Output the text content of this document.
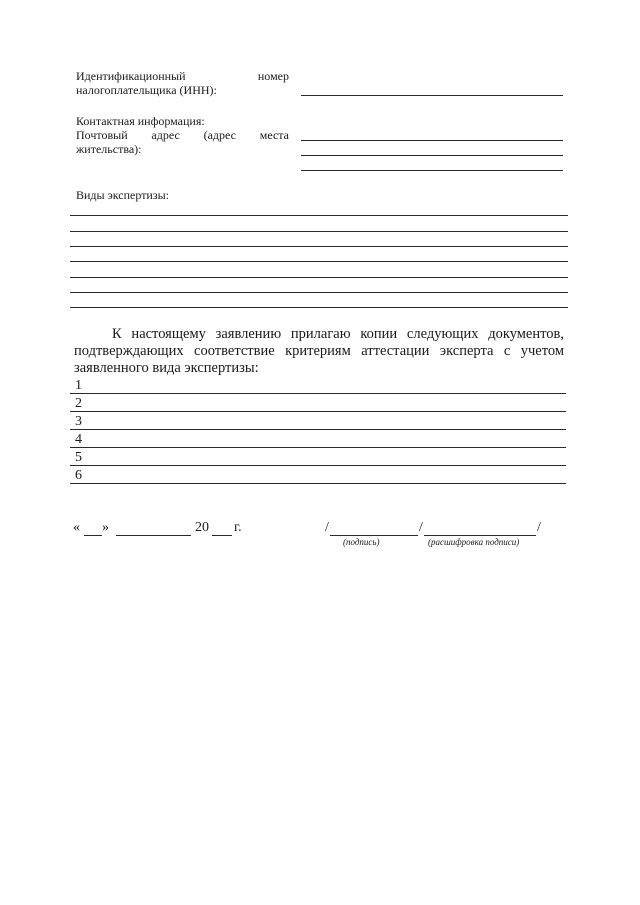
Идентификационный	номер
налогоплательщика (ИНН):
Контактная информация:
Почтовый адрес (адрес места
жительства):
Виды экспертизы:
К настоящему заявлению прилагаю копии следующих документов,
подтверждающих соответствие критериям аттестации эксперта с учетом
заявленного вида экспертизы:
1
2
3
4
5
6
« »	20 г.	/	/	/
(подпись)	(расшифровка подписи)
